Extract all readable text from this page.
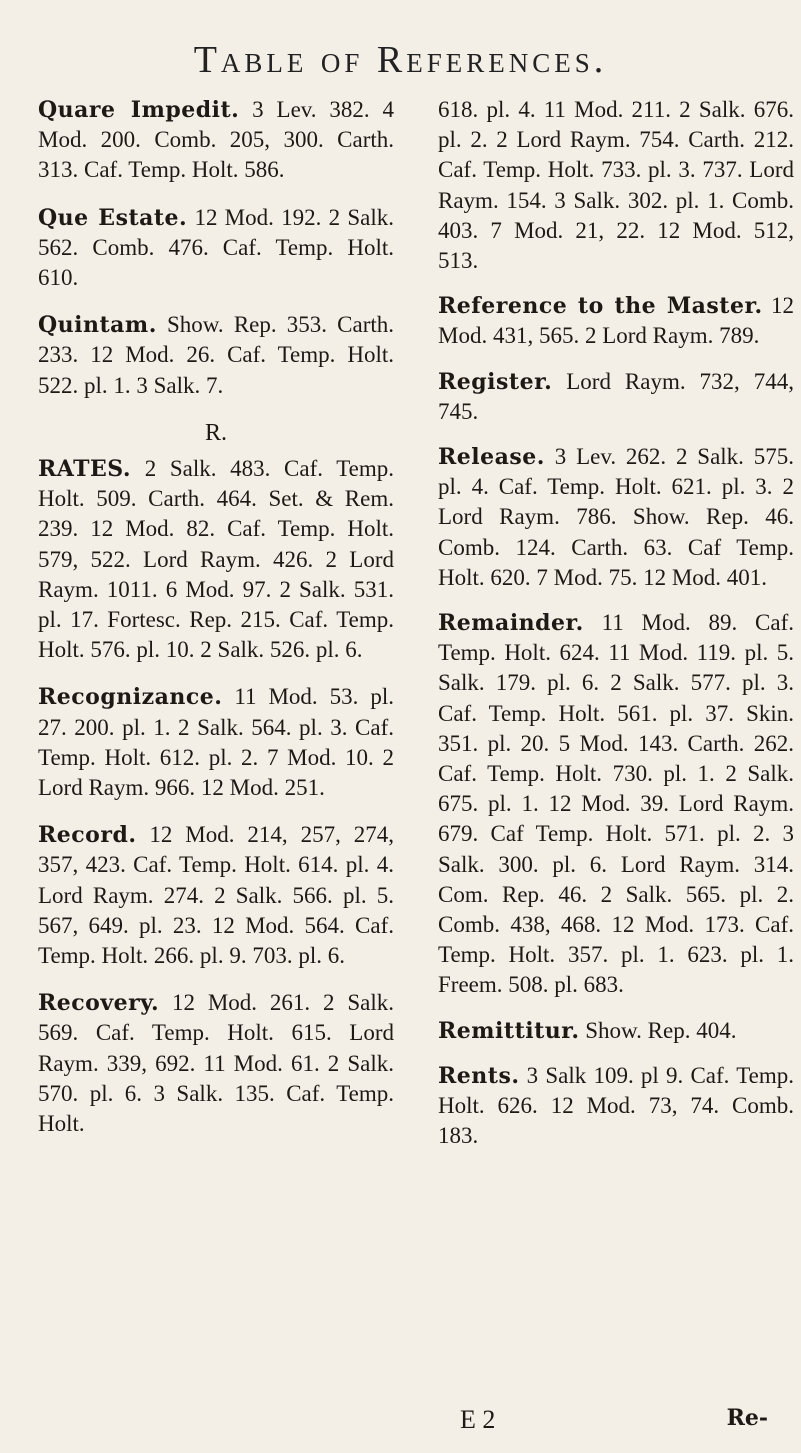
Table of References.
Quare Impedit. 3 Lev. 382. 4 Mod. 200. Comb. 205, 300. Carth. 313. Caf. Temp. Holt. 586.
Que Estate. 12 Mod. 192. 2 Salk. 562. Comb. 476. Caf. Temp. Holt. 610.
Quintam. Show. Rep. 353. Carth. 233. 12 Mod. 26. Caf. Temp. Holt. 522. pl. 1. 3 Salk. 7.
R.
RATES. 2 Salk. 483. Caf. Temp. Holt. 509. Carth. 464. Set. & Rem. 239. 12 Mod. 82. Caf. Temp. Holt. 579, 522. Lord Raym. 426. 2 Lord Raym. 1011. 6 Mod. 97. 2 Salk. 531. pl. 17. Fortesc. Rep. 215. Caf. Temp. Holt. 576. pl. 10. 2 Salk. 526. pl. 6.
Recognizance. 11 Mod. 53. pl. 27. 200. pl. 1. 2 Salk. 564. pl. 3. Caf. Temp. Holt. 612. pl. 2. 7 Mod. 10. 2 Lord Raym. 966. 12 Mod. 251.
Record. 12 Mod. 214, 257, 274, 357, 423. Caf. Temp. Holt. 614. pl. 4. Lord Raym. 274. 2 Salk. 566. pl. 5. 567, 649. pl. 23. 12 Mod. 564. Caf. Temp. Holt. 266. pl. 9. 703. pl. 6.
Recovery. 12 Mod. 261. 2 Salk. 569. Caf. Temp. Holt. 615. Lord Raym. 339, 692. 11 Mod. 61. 2 Salk. 570. pl. 6. 3 Salk. 135. Caf. Temp. Holt.
618. pl. 4. 11 Mod. 211. 2 Salk. 676. pl. 2. 2 Lord Raym. 754. Carth. 212. Caf. Temp. Holt. 733. pl. 3. 737. Lord Raym. 154. 3 Salk. 302. pl. 1. Comb. 403. 7 Mod. 21, 22. 12 Mod. 512, 513.
Reference to the Master. 12 Mod. 431, 565. 2 Lord Raym. 789.
Register. Lord Raym. 732, 744, 745.
Release. 3 Lev. 262. 2 Salk. 575. pl. 4. Caf. Temp. Holt. 621. pl. 3. 2 Lord Raym. 786. Show. Rep. 46. Comb. 124. Carth. 63. Caf Temp. Holt. 620. 7 Mod. 75. 12 Mod. 401.
Remainder. 11 Mod. 89. Caf. Temp. Holt. 624. 11 Mod. 119. pl. 5. Salk. 179. pl. 6. 2 Salk. 577. pl. 3. Caf. Temp. Holt. 561. pl. 37. Skin. 351. pl. 20. 5 Mod. 143. Carth. 262. Caf. Temp. Holt. 730. pl. 1. 2 Salk. 675. pl. 1. 12 Mod. 39. Lord Raym. 679. Caf Temp. Holt. 571. pl. 2. 3 Salk. 300. pl. 6. Lord Raym. 314. Com. Rep. 46. 2 Salk. 565. pl. 2. Comb. 438, 468. 12 Mod. 173. Caf. Temp. Holt. 357. pl. 1. 623. pl. 1. Freem. 508. pl. 683.
Remittitur. Show. Rep. 404.
Rents. 3 Salk 109. pl 9. Caf. Temp. Holt. 626. 12 Mod. 73, 74. Comb. 183.
E 2	Re-
